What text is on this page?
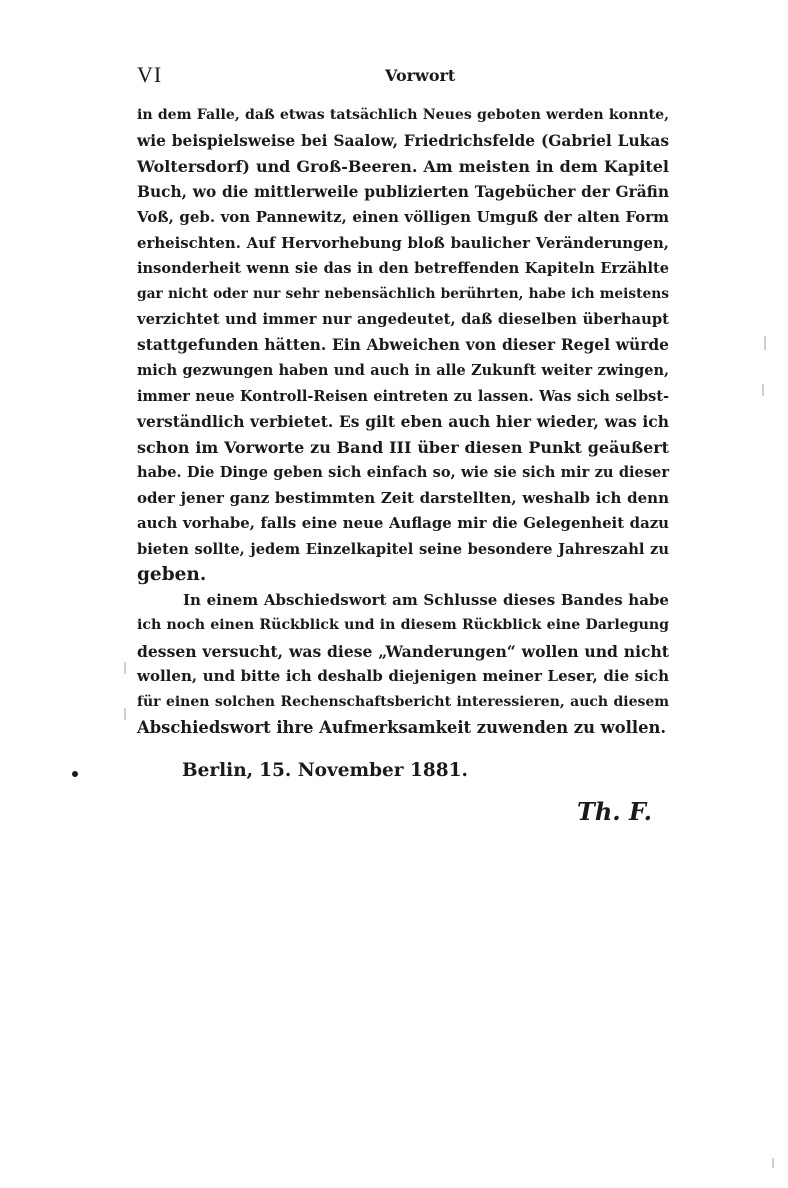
VI	Vorwort
in dem Falle, daß etwas tatsächlich Neues geboten werden konnte,
wie beispielsweise bei Saalow, Friedrichsfelde (Gabriel Lukas
Woltersdorf) und Groß-Beeren. Am meisten in dem Kapitel
Buch, wo die mittlerweile publizierten Tagebücher der Gräfin
Voß, geb. von Pannewitz, einen völligen Umguß der alten Form
erheischten. Auf Hervorhebung bloß baulicher Veränderungen,
insonderheit wenn sie das in den betreffenden Kapiteln Erzählte
gar nicht oder nur sehr nebensächlich berührten, habe ich meistens
verzichtet und immer nur angedeutet, daß dieselben überhaupt
stattgefunden hätten. Ein Abweichen von dieser Regel würde
mich gezwungen haben und auch in alle Zukunft weiter zwingen,
immer neue Kontroll-Reisen eintreten zu lassen. Was sich selbst-
verständlich verbietet. Es gilt eben auch hier wieder, was ich
schon im Vorworte zu Band III über diesen Punkt geäußert
habe. Die Dinge geben sich einfach so, wie sie sich mir zu dieser
oder jener ganz bestimmten Zeit darstellten, weshalb ich denn
auch vorhabe, falls eine neue Auflage mir die Gelegenheit dazu
bieten sollte, jedem Einzelkapitel seine besondere Jahreszahl zu
geben.
In einem Abschiedswort am Schlusse dieses Bandes habe
ich noch einen Rückblick und in diesem Rückblick eine Darlegung
dessen versucht, was diese „Wanderungen“ wollen und nicht
wollen, und bitte ich deshalb diejenigen meiner Leser, die sich
für einen solchen Rechenschaftsbericht interessieren, auch diesem
Abschiedswort ihre Aufmerksamkeit zuwenden zu wollen.
Berlin, 15. November 1881.
Th. F.
